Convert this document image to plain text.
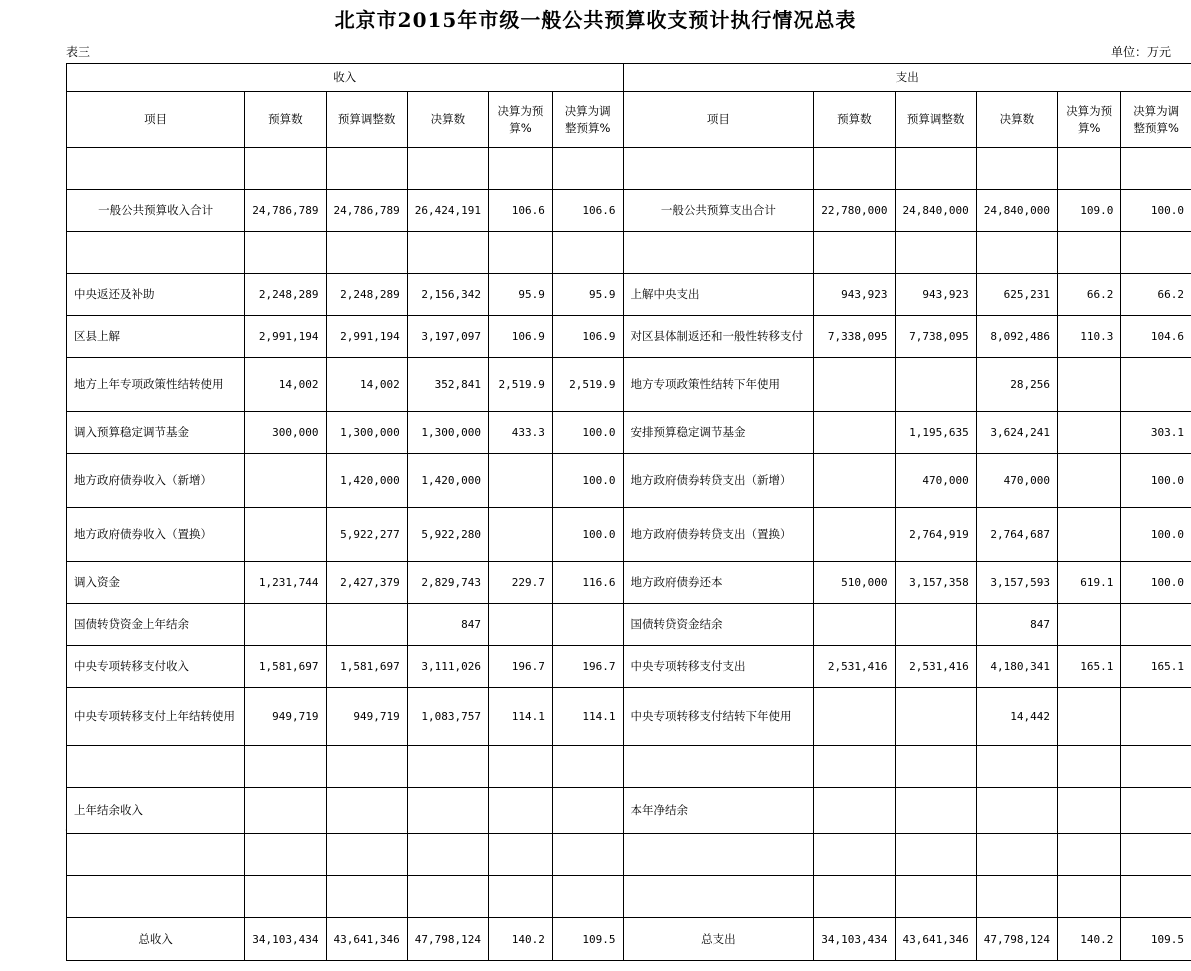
北京市2015年市级一般公共预算收支预计执行情况总表
表三	单位：万元
收入						支出					
项目	预算数	预算调整数	决算数	决算为预算%	决算为调整预算%	项目	预算数	预算调整数	决算数	决算为预算%	决算为调整预算%

一般公共预算收入合计	24,786,789	24,786,789	26,424,191	106.6	106.6	一般公共预算支出合计	22,780,000	24,840,000	24,840,000	109.0	100.0

中央返还及补助	2,248,289	2,248,289	2,156,342	95.9	95.9	上解中央支出	943,923	943,923	625,231	66.2	66.2
区县上解	2,991,194	2,991,194	3,197,097	106.9	106.9	对区县体制返还和一般性转移支付	7,338,095	7,738,095	8,092,486	110.3	104.6
地方上年专项政策性结转使用	14,002	14,002	352,841	2,519.9	2,519.9	地方专项政策性结转下年使用			28,256		
调入预算稳定调节基金	300,000	1,300,000	1,300,000	433.3	100.0	安排预算稳定调节基金		1,195,635	3,624,241		303.1
地方政府债券收入（新增）		1,420,000	1,420,000		100.0	地方政府债券转贷支出（新增）		470,000	470,000		100.0
地方政府债券收入（置换）		5,922,277	5,922,280		100.0	地方政府债券转贷支出（置换）		2,764,919	2,764,687		100.0
调入资金	1,231,744	2,427,379	2,829,743	229.7	116.6	地方政府债券还本	510,000	3,157,358	3,157,593	619.1	100.0
国债转贷资金上年结余			847			国债转贷资金结余			847		
中央专项转移支付收入	1,581,697	1,581,697	3,111,026	196.7	196.7	中央专项转移支付支出	2,531,416	2,531,416	4,180,341	165.1	165.1
中央专项转移支付上年结转使用	949,719	949,719	1,083,757	114.1	114.1	中央专项转移支付结转下年使用			14,442		

上年结余收入						本年净结余					

总收入	34,103,434	43,641,346	47,798,124	140.2	109.5	总支出	34,103,434	43,641,346	47,798,124	140.2	109.5
·
